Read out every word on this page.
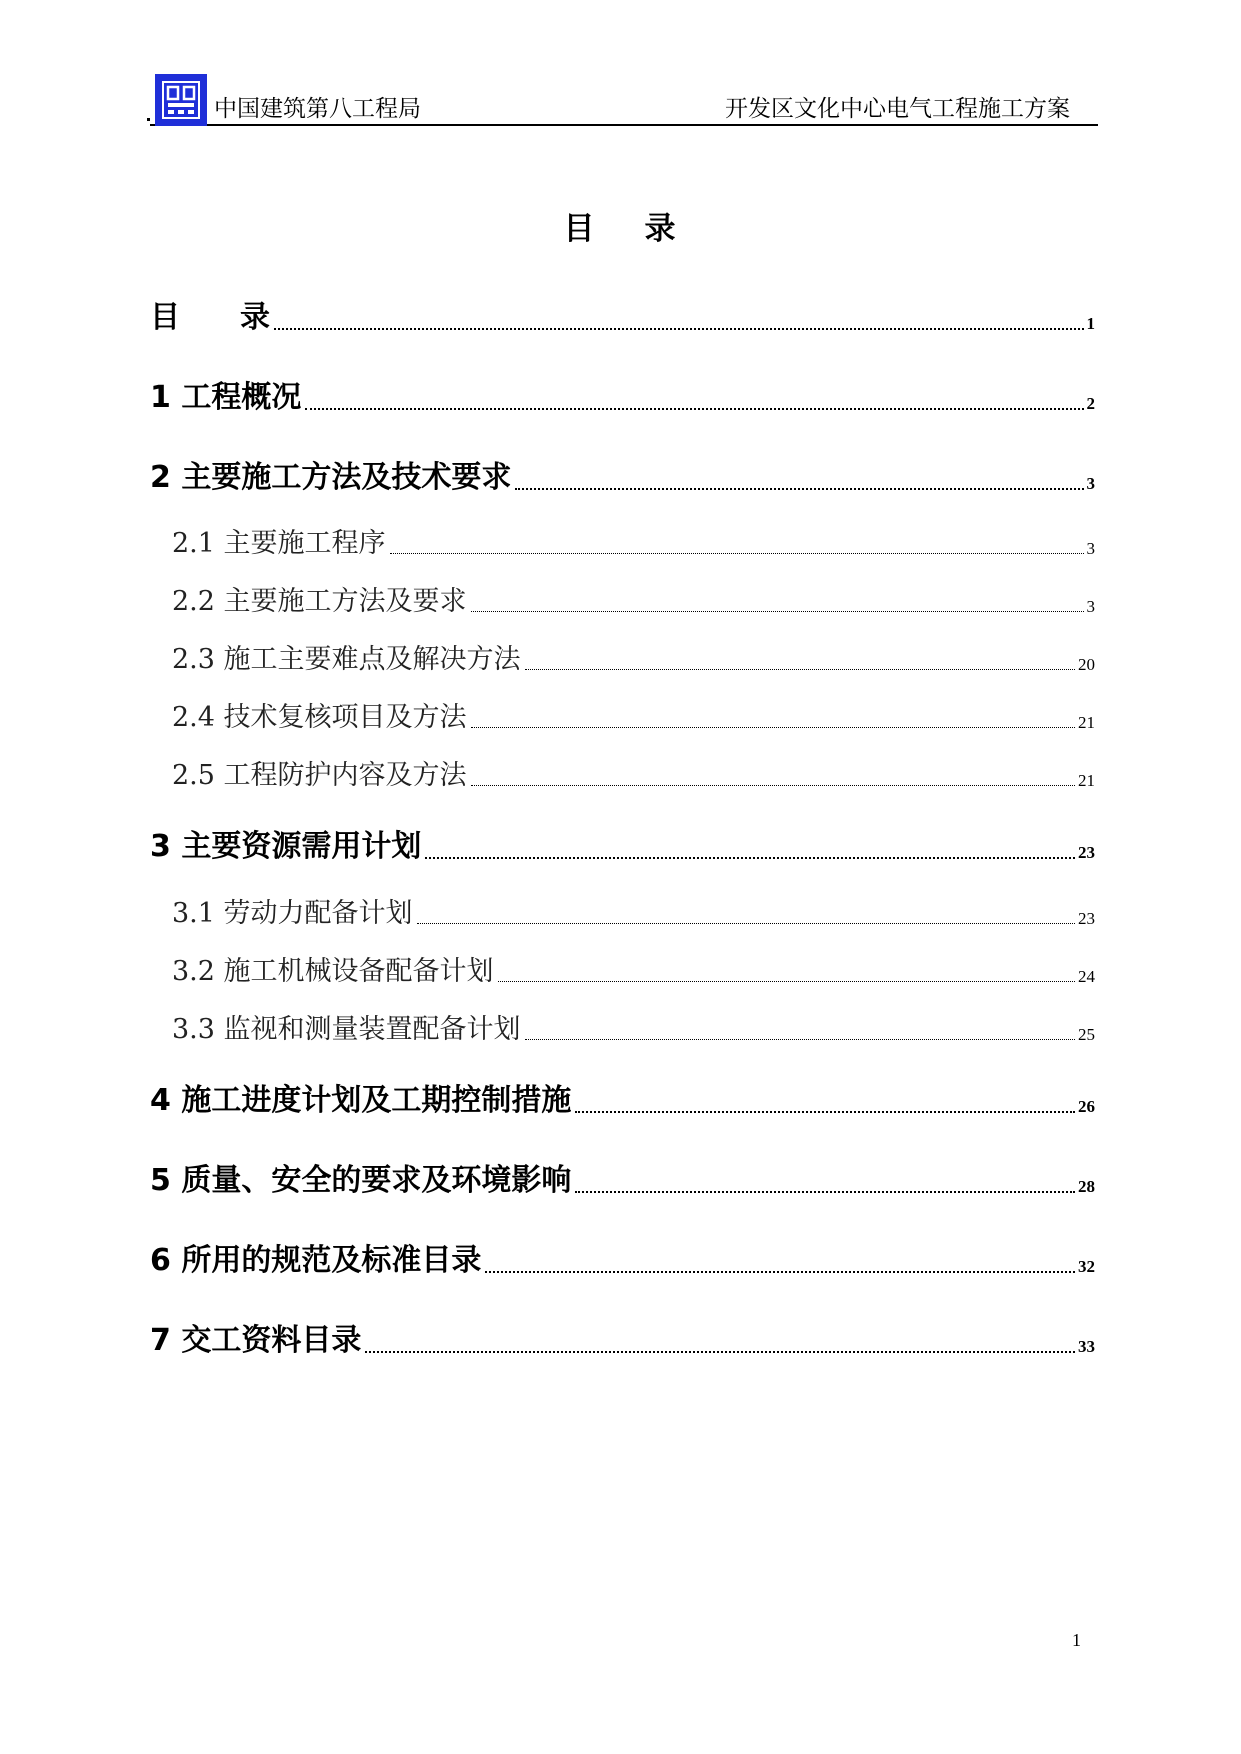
中国建筑第八工程局	开发区文化中心电气工程施工方案
目 录
目　　录	1
1 工程概况	2
2 主要施工方法及技术要求	3
2.1 主要施工程序	3
2.2 主要施工方法及要求	3
2.3 施工主要难点及解决方法	20
2.4 技术复核项目及方法	21
2.5 工程防护内容及方法	21
3 主要资源需用计划	23
3.1 劳动力配备计划	23
3.2 施工机械设备配备计划	24
3.3 监视和测量装置配备计划	25
4 施工进度计划及工期控制措施	26
5 质量、安全的要求及环境影响	28
6 所用的规范及标准目录	32
7 交工资料目录	33
1
